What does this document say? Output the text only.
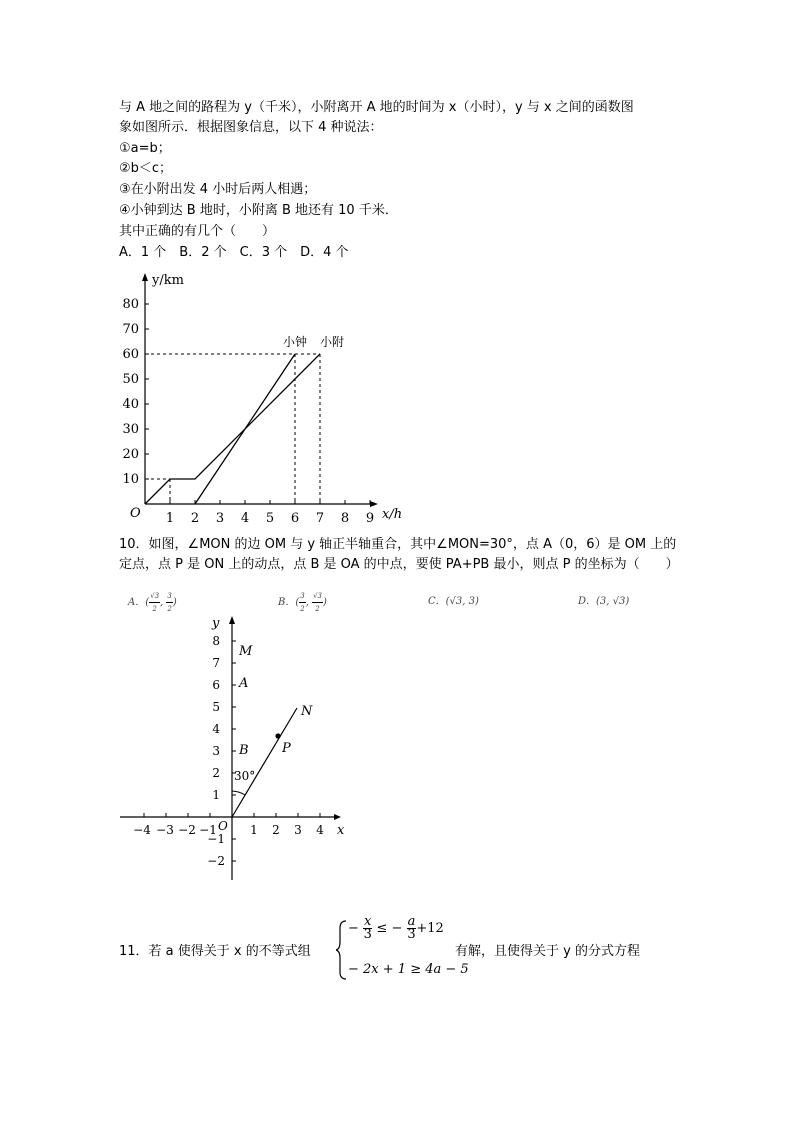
与 A 地之间的路程为 y（千米），小附离开 A 地的时间为 x（小时），y 与 x 之间的函数图
象如图所示．根据图象信息，以下 4 种说法：
①a=b；
②b＜c；
③在小附出发 4 小时后两人相遇；
④小钟到达 B 地时，小附离 B 地还有 10 千米．
其中正确的有几个（　　）
A．1 个　B．2 个　C．3 个　D．4 个
y/km
x/h
O 1 2 3 4 5 6 7 8 9
10
20
30
40
50
60
70
80
小附
小钟
10．如图，∠MON 的边 OM 与 y 轴正半轴重合，其中∠MON=30°，点 A（0，6）是 OM 上的
定点，点 P 是 ON 上的动点，点 B 是 OA 的中点，要使 PA+PB 最小，则点 P 的坐标为（　　）
A．( $\frac{√3}{2}$ , $\frac{3}{2}$ )	B．( $\frac{3}{2}$ , $\frac{√3}{2}$ )	C．(√3, 3)	D．(3, √3)
x
y
O
−4 −3 −2 −1	1 2 3 4
−2
−1
1
2
3
4
5
6
7
8
M
A
B
N
P
30°
11．若 a 使得关于 x 的不等式组
− $\frac{x}{3}$ ≤ − $\frac{a}{3} +12$
− 2x + 1 ≥ 4a − 5
有解，且使得关于 y 的分式方程
